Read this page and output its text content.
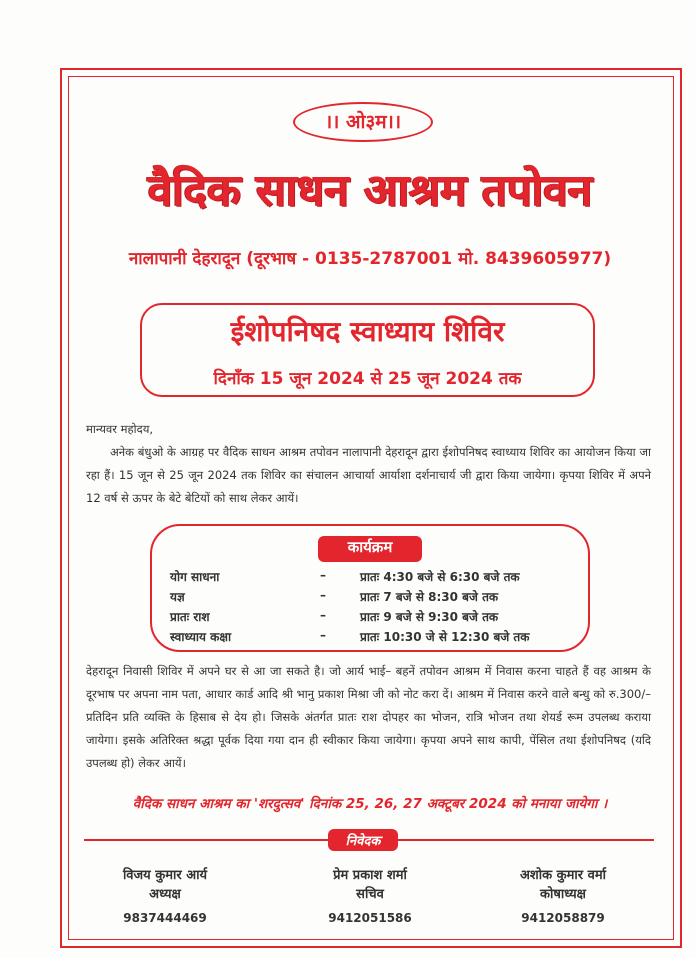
।। ओ३म।।
वैदिक साधन आश्रम तपोवन
नालापानी देहरादून (दूरभाष - 0135-2787001 मो. 8439605977)
ईशोपनिषद स्वाध्याय शिविर
दिनाँक 15 जून 2024 से 25 जून 2024 तक
मान्यवर महोदय,
अनेक बंधुओ के आग्रह पर वैदिक साधन आश्रम तपोवन नालापानी देहरादून द्वारा ईशोपनिषद स्वाध्याय शिविर का आयोजन किया जा रहा हैं। 15 जून से 25 जून 2024 तक शिविर का संचालन आचार्या आर्याशा दर्शनाचार्य जी द्वारा किया जायेगा। कृपया शिविर में अपने 12 वर्ष से ऊपर के बेटे बेटियों को साथ लेकर आयें।
कार्यक्रम
योग साधना	–	प्रातः 4:30 बजे से 6:30 बजे तक
यज्ञ	–	प्रातः 7 बजे से 8:30 बजे तक
प्रातः राश	–	प्रातः 9 बजे से 9:30 बजे तक
स्वाध्याय कक्षा	–	प्रातः 10:30 जे से 12:30 बजे तक
देहरादून निवासी शिविर में अपने घर से आ जा सकते है। जो आर्य भाई– बहनें तपोवन आश्रम में निवास करना चाहते हैं वह आश्रम के दूरभाष पर अपना नाम पता, आधार कार्ड आदि श्री भानु प्रकाश मिश्रा जी को नोट करा दें। आश्रम में निवास करने वाले बन्धु को रु.300/– प्रतिदिन प्रति व्यक्ति के हिसाब से देय हो। जिसके अंतर्गत प्रातः राश दोपहर का भोजन, रात्रि भोजन तथा शेयर्ड रूम उपलब्ध कराया जायेगा। इसके अतिरिक्त श्रद्धा पूर्वक दिया गया दान ही स्वीकार किया जायेगा। कृपया अपने साथ कापी, पेंसिल तथा ईशोपनिषद (यदि उपलब्ध हो) लेकर आयें।
वैदिक साधन आश्रम का 'शरदुत्सव' दिनांक 25, 26, 27 अक्टूबर 2024 को मनाया जायेगा ।
निवेदक
विजय कुमार आर्य
अध्यक्ष
9837444469
प्रेम प्रकाश शर्मा
सचिव
9412051586
अशोक कुमार वर्मा
कोषाध्यक्ष
9412058879
